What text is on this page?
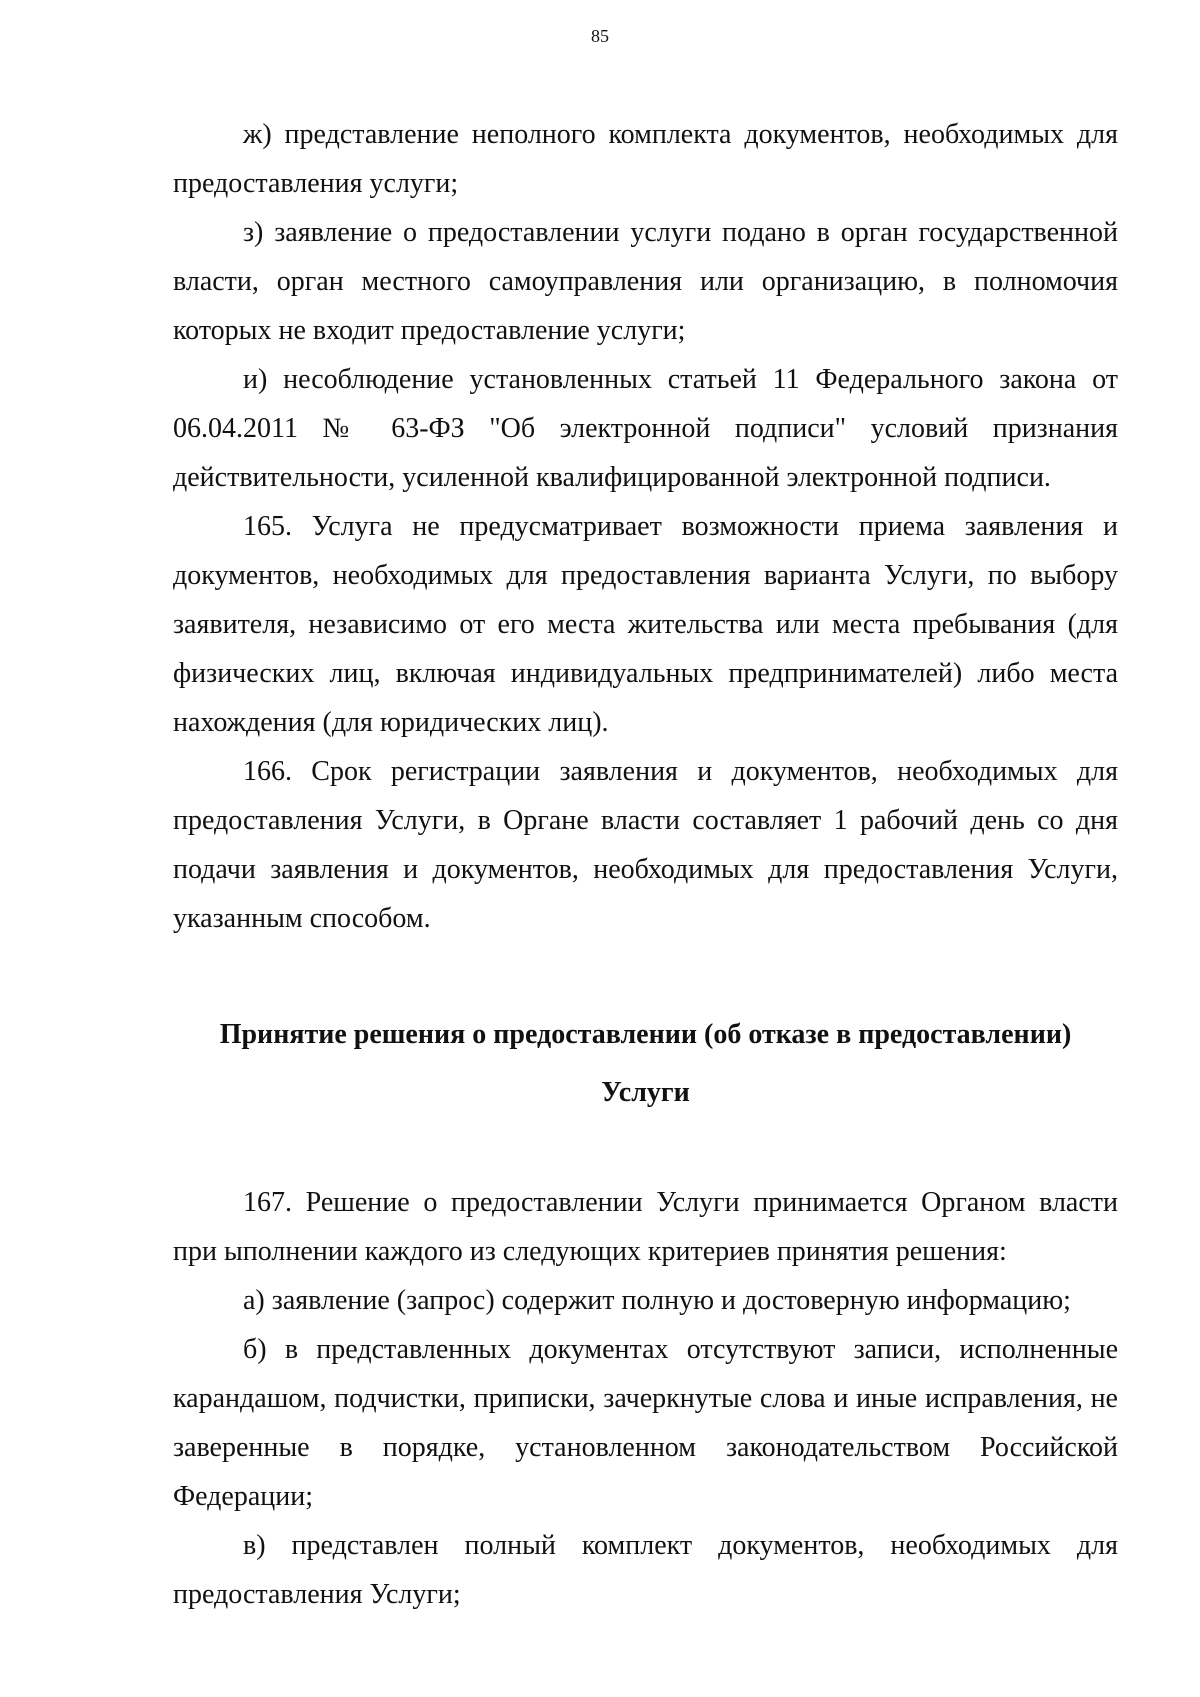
85

ж) представление неполного комплекта документов, необходимых для предоставления услуги;

з) заявление о предоставлении услуги подано в орган государственной власти, орган местного самоуправления или организацию, в полномочия которых не входит предоставление услуги;

и) несоблюдение установленных статьей 11 Федерального закона от 06.04.2011 № 63-ФЗ "Об электронной подписи" условий признания действительности, усиленной квалифицированной электронной подписи.

165. Услуга не предусматривает возможности приема заявления и документов, необходимых для предоставления варианта Услуги, по выбору заявителя, независимо от его места жительства или места пребывания (для физических лиц, включая индивидуальных предпринимателей) либо места нахождения (для юридических лиц).

166. Срок регистрации заявления и документов, необходимых для предоставления Услуги, в Органе власти составляет 1 рабочий день со дня подачи заявления и документов, необходимых для предоставления Услуги, указанным способом.

Принятие решения о предоставлении (об отказе в предоставлении)
Услуги

167. Решение о предоставлении Услуги принимается Органом власти при ыполнении каждого из следующих критериев принятия решения:

а) заявление (запрос) содержит полную и достоверную информацию;

б) в представленных документах отсутствуют записи, исполненные карандашом, подчистки, приписки, зачеркнутые слова и иные исправления, не заверенные в порядке, установленном законодательством Российской Федерации;

в) представлен полный комплект документов, необходимых для предоставления Услуги;
